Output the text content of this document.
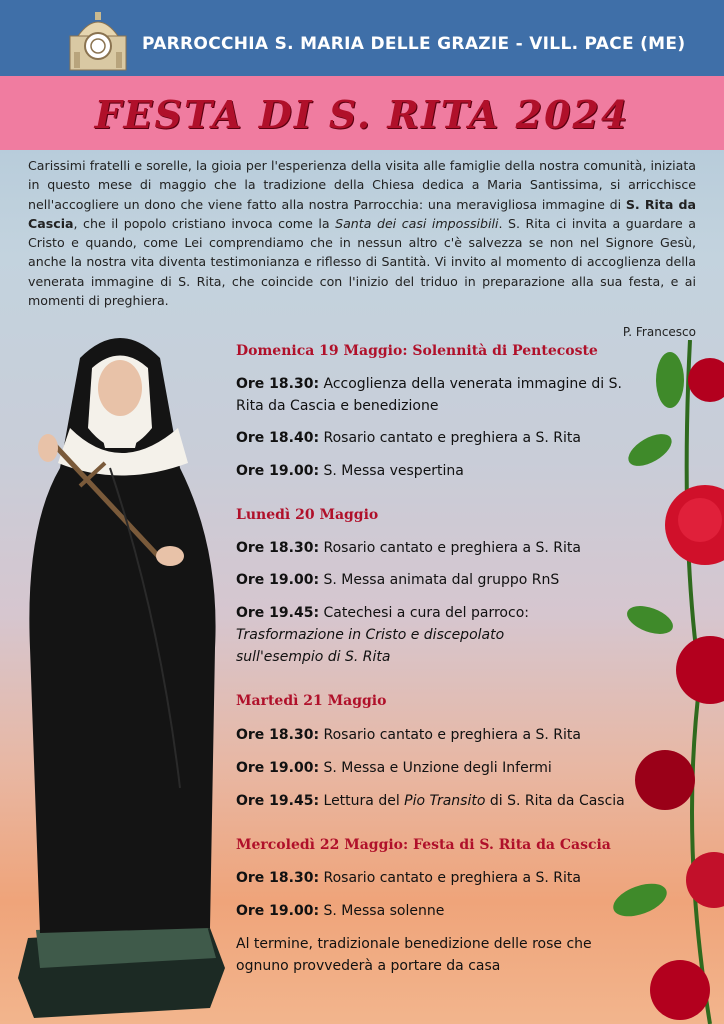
PARROCCHIA S. MARIA DELLE GRAZIE - VILL. PACE (ME)
FESTA DI S. RITA 2024
Carissimi fratelli e sorelle, la gioia per l'esperienza della visita alle famiglie della nostra comunità, iniziata in questo mese di maggio che la tradizione della Chiesa dedica a Maria Santissima, si arricchisce nell'accogliere un dono che viene fatto alla nostra Parrocchia: una meravigliosa immagine di S. Rita da Cascia, che il popolo cristiano invoca come la Santa dei casi impossibili. S. Rita ci invita a guardare a Cristo e quando, come Lei comprendiamo che in nessun altro c'è salvezza se non nel Signore Gesù, anche la nostra vita diventa testimonianza e riflesso di Santità. Vi invito al momento di accoglienza della venerata immagine di S. Rita, che coincide con l'inizio del triduo in preparazione alla sua festa, e ai momenti di preghiera.
P. Francesco
Domenica 19 Maggio: Solennità di Pentecoste
Ore 18.30: Accoglienza della venerata immagine di S. Rita da Cascia e benedizione
Ore 18.40: Rosario cantato e preghiera a S. Rita
Ore 19.00: S. Messa vespertina
Lunedì 20 Maggio
Ore 18.30: Rosario cantato e preghiera a S. Rita
Ore 19.00: S. Messa animata dal gruppo RnS
Ore 19.45: Catechesi a cura del parroco:
Trasformazione in Cristo e discepolato sull'esempio di S. Rita
Martedì 21 Maggio
Ore 18.30: Rosario cantato e preghiera a S. Rita
Ore 19.00: S. Messa e Unzione degli Infermi
Ore 19.45: Lettura del Pio Transito di S. Rita da Cascia
Mercoledì 22 Maggio: Festa di S. Rita da Cascia
Ore 18.30: Rosario cantato e preghiera a S. Rita
Ore 19.00: S. Messa solenne
Al termine, tradizionale benedizione delle rose che ognuno provvederà a portare da casa
